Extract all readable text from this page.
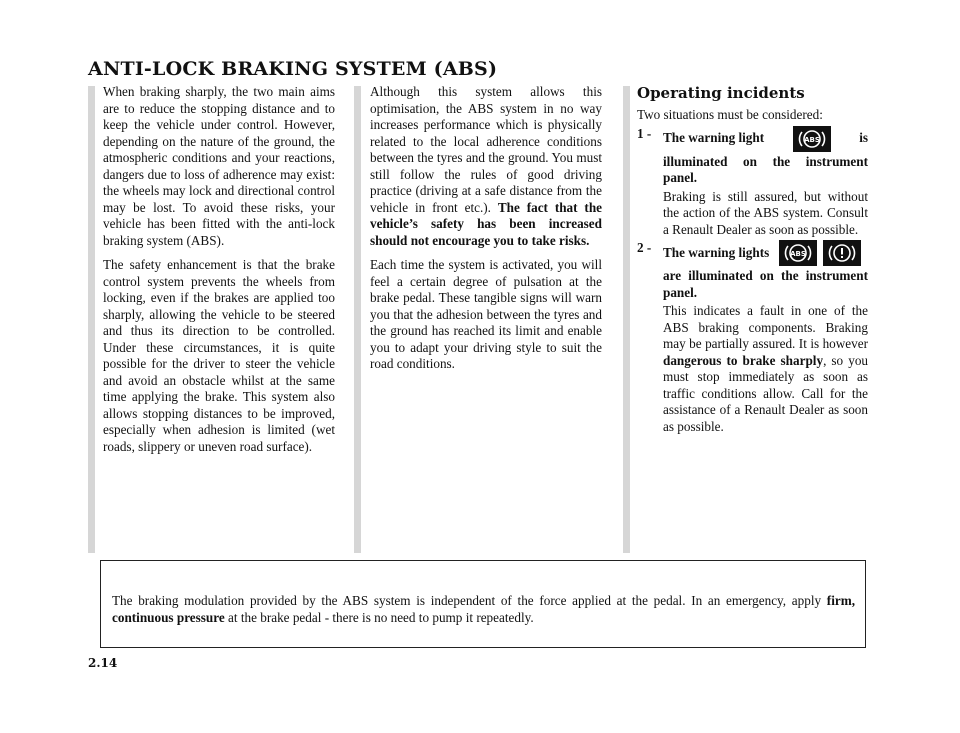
ANTI-LOCK BRAKING SYSTEM (ABS)

When braking sharply, the two main aims are to reduce the stopping distance and to keep the vehicle under control. However, depending on the nature of the ground, the atmospheric conditions and your reactions, dangers due to loss of adherence may exist: the wheels may lock and directional control may be lost. To avoid these risks, your vehicle has been fitted with the anti-lock braking system (ABS).

The safety enhancement is that the brake control system prevents the wheels from locking, even if the brakes are applied too sharply, allowing the vehicle to be steered and thus its direction to be controlled. Under these circumstances, it is quite possible for the driver to steer the vehicle and avoid an obstacle whilst at the same time applying the brake. This system also allows stopping distances to be improved, especially when adhesion is limited (wet roads, slippery or uneven road surface).

Although this system allows this optimisation, the ABS system in no way increases performance which is physically related to the local adherence conditions between the tyres and the ground. You must still follow the rules of good driving practice (driving at a safe distance from the vehicle in front etc.). The fact that the vehicle’s safety has been increased should not encourage you to take risks.

Each time the system is activated, you will feel a certain degree of pulsation at the brake pedal. These tangible signs will warn you that the adhesion between the tyres and the ground has reached its limit and enable you to adapt your driving style to suit the road conditions.

Operating incidents

Two situations must be considered:

1 - The warning light	ABS	is
illuminated on the instrument panel.

Braking is still assured, but without the action of the ABS system. Consult a Renault Dealer as soon as possible.

2 - The warning lights	ABS
are illuminated on the instrument panel.

This indicates a fault in one of the ABS braking components. Braking may be partially assured. It is however dangerous to brake sharply, so you must stop immediately as soon as traffic conditions allow. Call for the assistance of a Renault Dealer as soon as possible.

The braking modulation provided by the ABS system is independent of the force applied at the pedal. In an emergency, apply firm, continuous pressure at the brake pedal - there is no need to pump it repeatedly.
2.14
